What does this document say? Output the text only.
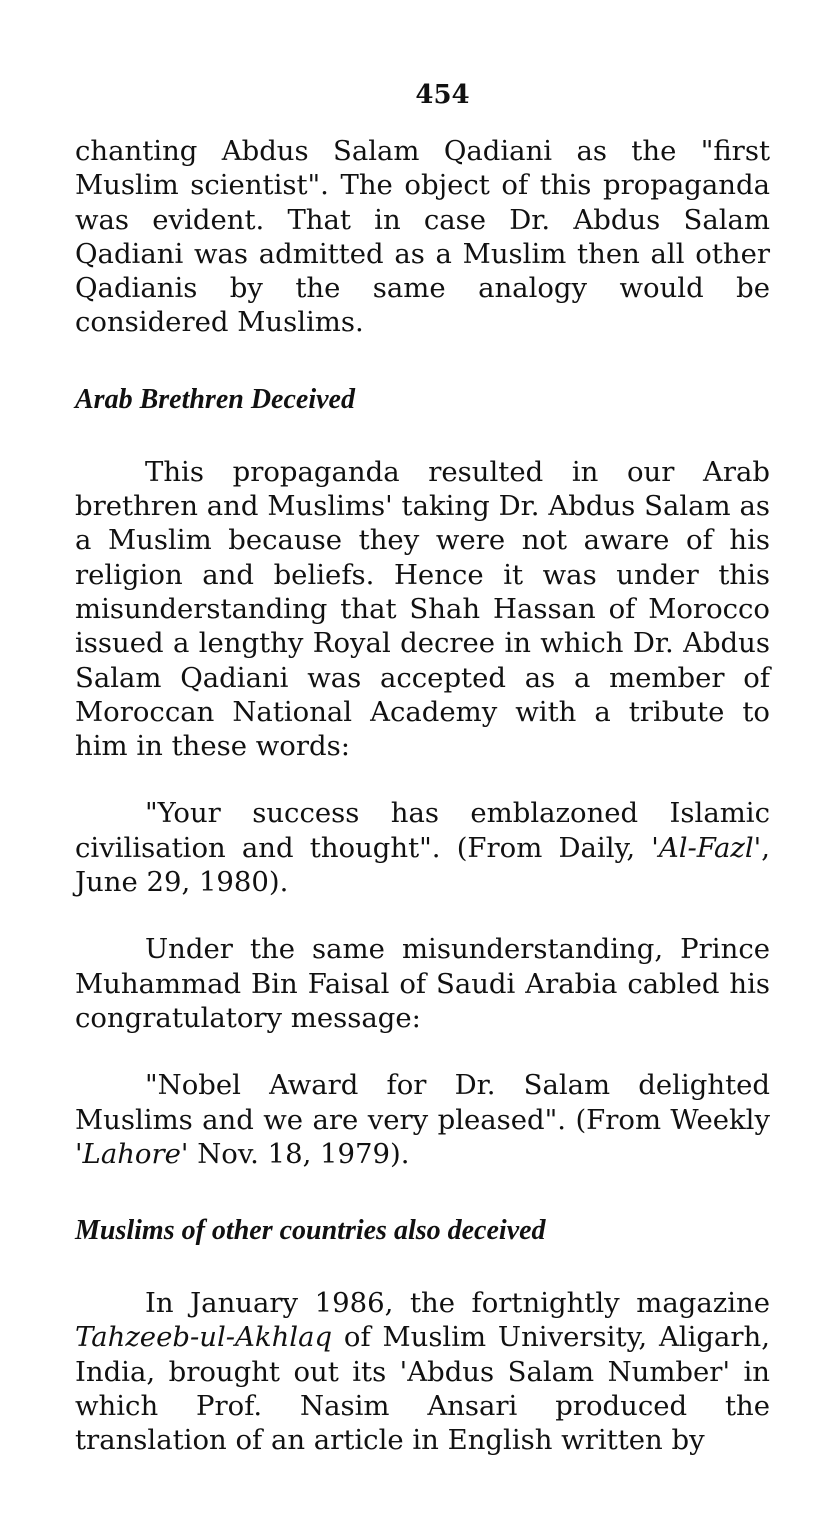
454

chanting Abdus Salam Qadiani as the "first Muslim scientist". The object of this propaganda was evident. That in case Dr. Abdus Salam Qadiani was admitted as a Muslim then all other Qadianis by the same analogy would be considered Muslims.

Arab Brethren Deceived

This propaganda resulted in our Arab brethren and Muslims' taking Dr. Abdus Salam as a Muslim because they were not aware of his religion and beliefs. Hence it was under this misunderstanding that Shah Hassan of Morocco issued a lengthy Royal decree in which Dr. Abdus Salam Qadiani was accepted as a member of Moroccan National Academy with a tribute to him in these words:

"Your success has emblazoned Islamic civilisation and thought". (From Daily, 'Al-Fazl', June 29, 1980).

Under the same misunderstanding, Prince Muhammad Bin Faisal of Saudi Arabia cabled his congratulatory message:

"Nobel Award for Dr. Salam delighted Muslims and we are very pleased". (From Weekly 'Lahore' Nov. 18, 1979).

Muslims of other countries also deceived

In January 1986, the fortnightly magazine Tahzeeb-ul-Akhlaq of Muslim University, Aligarh, India, brought out its 'Abdus Salam Number' in which Prof. Nasim Ansari produced the translation of an article in English written by
